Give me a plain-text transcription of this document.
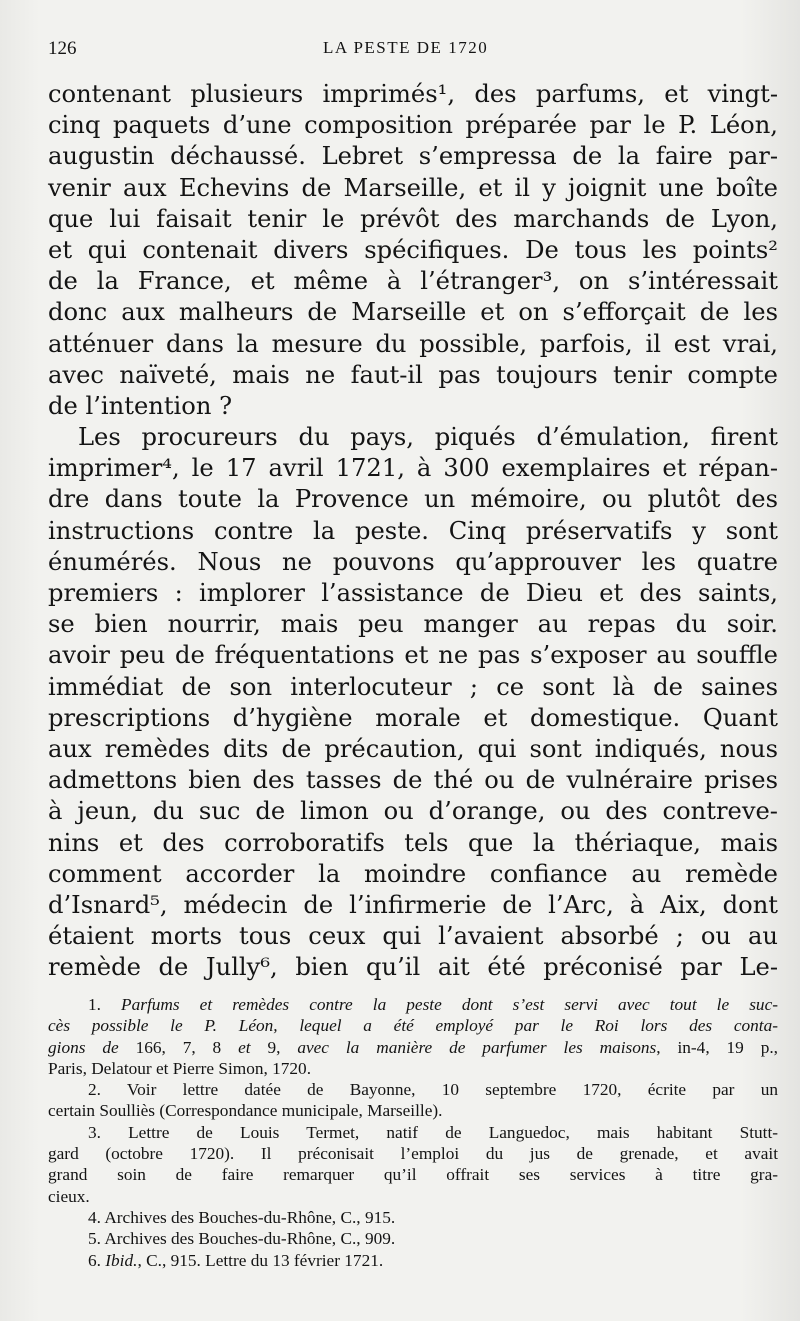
126	LA PESTE DE 1720
contenant plusieurs imprimés¹, des parfums, et vingt-
cinq paquets d’une composition préparée par le P. Léon,
augustin déchaussé. Lebret s’empressa de la faire par-
venir aux Echevins de Marseille, et il y joignit une boîte
que lui faisait tenir le prévôt des marchands de Lyon,
et qui contenait divers spécifiques. De tous les points²
de la France, et même à l’étranger³, on s’intéressait
donc aux malheurs de Marseille et on s’efforçait de les
atténuer dans la mesure du possible, parfois, il est vrai,
avec naïveté, mais ne faut-il pas toujours tenir compte
de l’intention ?
Les procureurs du pays, piqués d’émulation, firent
imprimer⁴, le 17 avril 1721, à 300 exemplaires et répan-
dre dans toute la Provence un mémoire, ou plutôt des
instructions contre la peste. Cinq préservatifs y sont
énumérés. Nous ne pouvons qu’approuver les quatre
premiers : implorer l’assistance de Dieu et des saints,
se bien nourrir, mais peu manger au repas du soir.
avoir peu de fréquentations et ne pas s’exposer au souffle
immédiat de son interlocuteur ; ce sont là de saines
prescriptions d’hygiène morale et domestique. Quant
aux remèdes dits de précaution, qui sont indiqués, nous
admettons bien des tasses de thé ou de vulnéraire prises
à jeun, du suc de limon ou d’orange, ou des contreve-
nins et des corroboratifs tels que la thériaque, mais
comment accorder la moindre confiance au remède
d’Isnard⁵, médecin de l’infirmerie de l’Arc, à Aix, dont
étaient morts tous ceux qui l’avaient absorbé ; ou au
remède de Jully⁶, bien qu’il ait été préconisé par Le-
1. Parfums et remèdes contre la peste dont s’est servi avec tout le suc-
cès possible le P. Léon, lequel a été employé par le Roi lors des conta-
gions de 166, 7, 8 et 9, avec la manière de parfumer les maisons, in-4, 19 p.,
Paris, Delatour et Pierre Simon, 1720.
2. Voir lettre datée de Bayonne, 10 septembre 1720, écrite par un
certain Soulliès (Correspondance municipale, Marseille).
3. Lettre de Louis Termet, natif de Languedoc, mais habitant Stutt-
gard (octobre 1720). Il préconisait l’emploi du jus de grenade, et avait
grand soin de faire remarquer qu’il offrait ses services à titre gra-
cieux.
4. Archives des Bouches-du-Rhône, C., 915.
5. Archives des Bouches-du-Rhône, C., 909.
6. Ibid., C., 915. Lettre du 13 février 1721.
